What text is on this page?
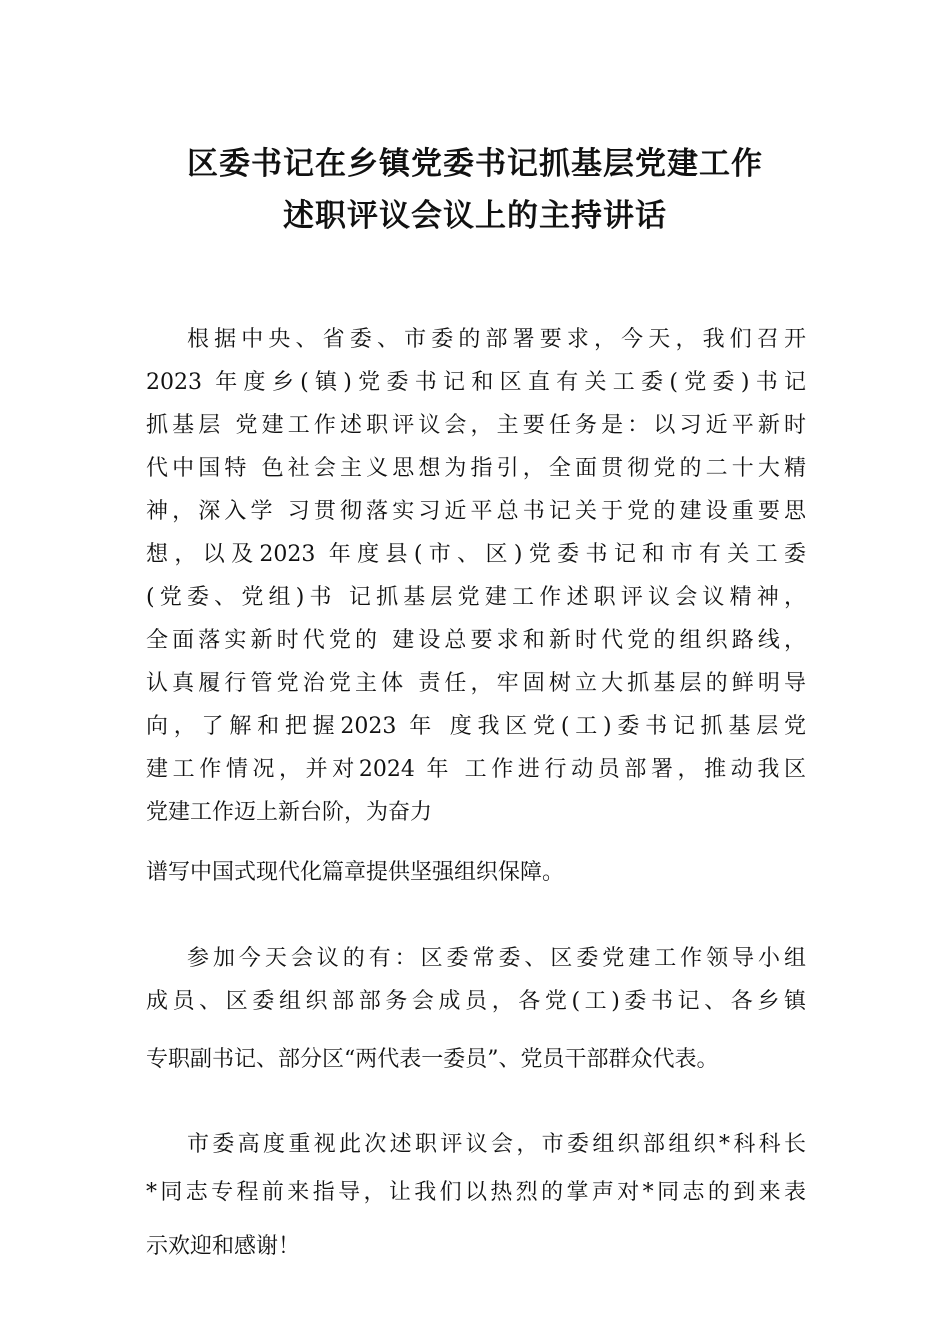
区委书记在乡镇党委书记抓基层党建工作
述职评议会议上的主持讲话

根据中央、省委、市委的部署要求，今天，我们召开

2023 年度乡(镇)党委书记和区直有关工委(党委)书记

抓基层 党建工作述职评议会，主要任务是：以习近平新时

代中国特 色社会主义思想为指引，全面贯彻党的二十大精

神，深入学 习贯彻落实习近平总书记关于党的建设重要思

想，以及2023 年度县(市、区)党委书记和市有关工委

(党委、党组)书 记抓基层党建工作述职评议会议精神，

全面落实新时代党的 建设总要求和新时代党的组织路线，

认真履行管党治党主体 责任，牢固树立大抓基层的鲜明导

向，了解和把握2023 年 度我区党(工)委书记抓基层党

建工作情况，并对2024 年 工作进行动员部署，推动我区

党建工作迈上新台阶，为奋力

谱写中国式现代化篇章提供坚强组织保障。

参加今天会议的有：区委常委、区委党建工作领导小组

成员、区委组织部部务会成员，各党(工)委书记、各乡镇

专职副书记、部分区“两代表一委员”、党员干部群众代表。

市委高度重视此次述职评议会，市委组织部组织*科科长

*同志专程前来指导，让我们以热烈的掌声对*同志的到来表

示欢迎和感谢！
